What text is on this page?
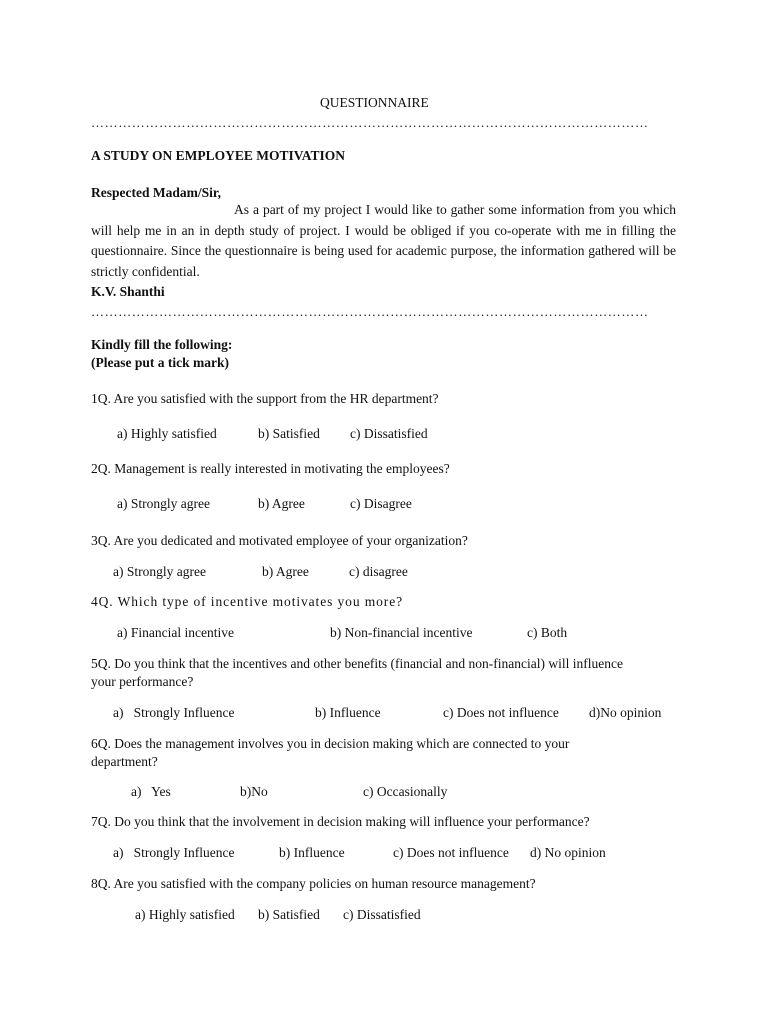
QUESTIONNAIRE
……………………………………………………………………………………………………………
A STUDY ON EMPLOYEE MOTIVATION
Respected Madam/Sir,
As a part of my project I would like to gather some information from you which will help me in an in depth study of project. I would be obliged if you co-operate with me in filling the questionnaire. Since the questionnaire is being used for academic purpose, the information gathered will be strictly confidential.
K.V. Shanthi
……………………………………………………………………………………………………………
Kindly fill the following:
(Please put a tick mark)
1Q. Are you satisfied with the support from the HR department?
a) Highly satisfied	b) Satisfied c) Dissatisfied
2Q. Management is really interested in motivating the employees?
a) Strongly agree	b) Agree	c) Disagree
3Q. Are you dedicated and motivated employee of your organization?
a) Strongly agree	b) Agree	c) disagree
4Q. Which type of incentive motivates you more?
a) Financial incentive	b) Non-financial incentive	c) Both
5Q. Do you think that the incentives and other benefits (financial and non-financial) will influence your performance?
a)   Strongly Influence	b) Influence	c) Does not influence d)No opinion
6Q. Does the management involves you in decision making which are connected to your department?
a)   Yes	b)No	c) Occasionally
7Q. Do you think that the involvement in decision making will influence your performance?
a)   Strongly Influence	b) Influence	c) Does not influence d) No opinion
8Q. Are you satisfied with the company policies on human resource management?
a) Highly satisfied b) Satisfied c) Dissatisfied
